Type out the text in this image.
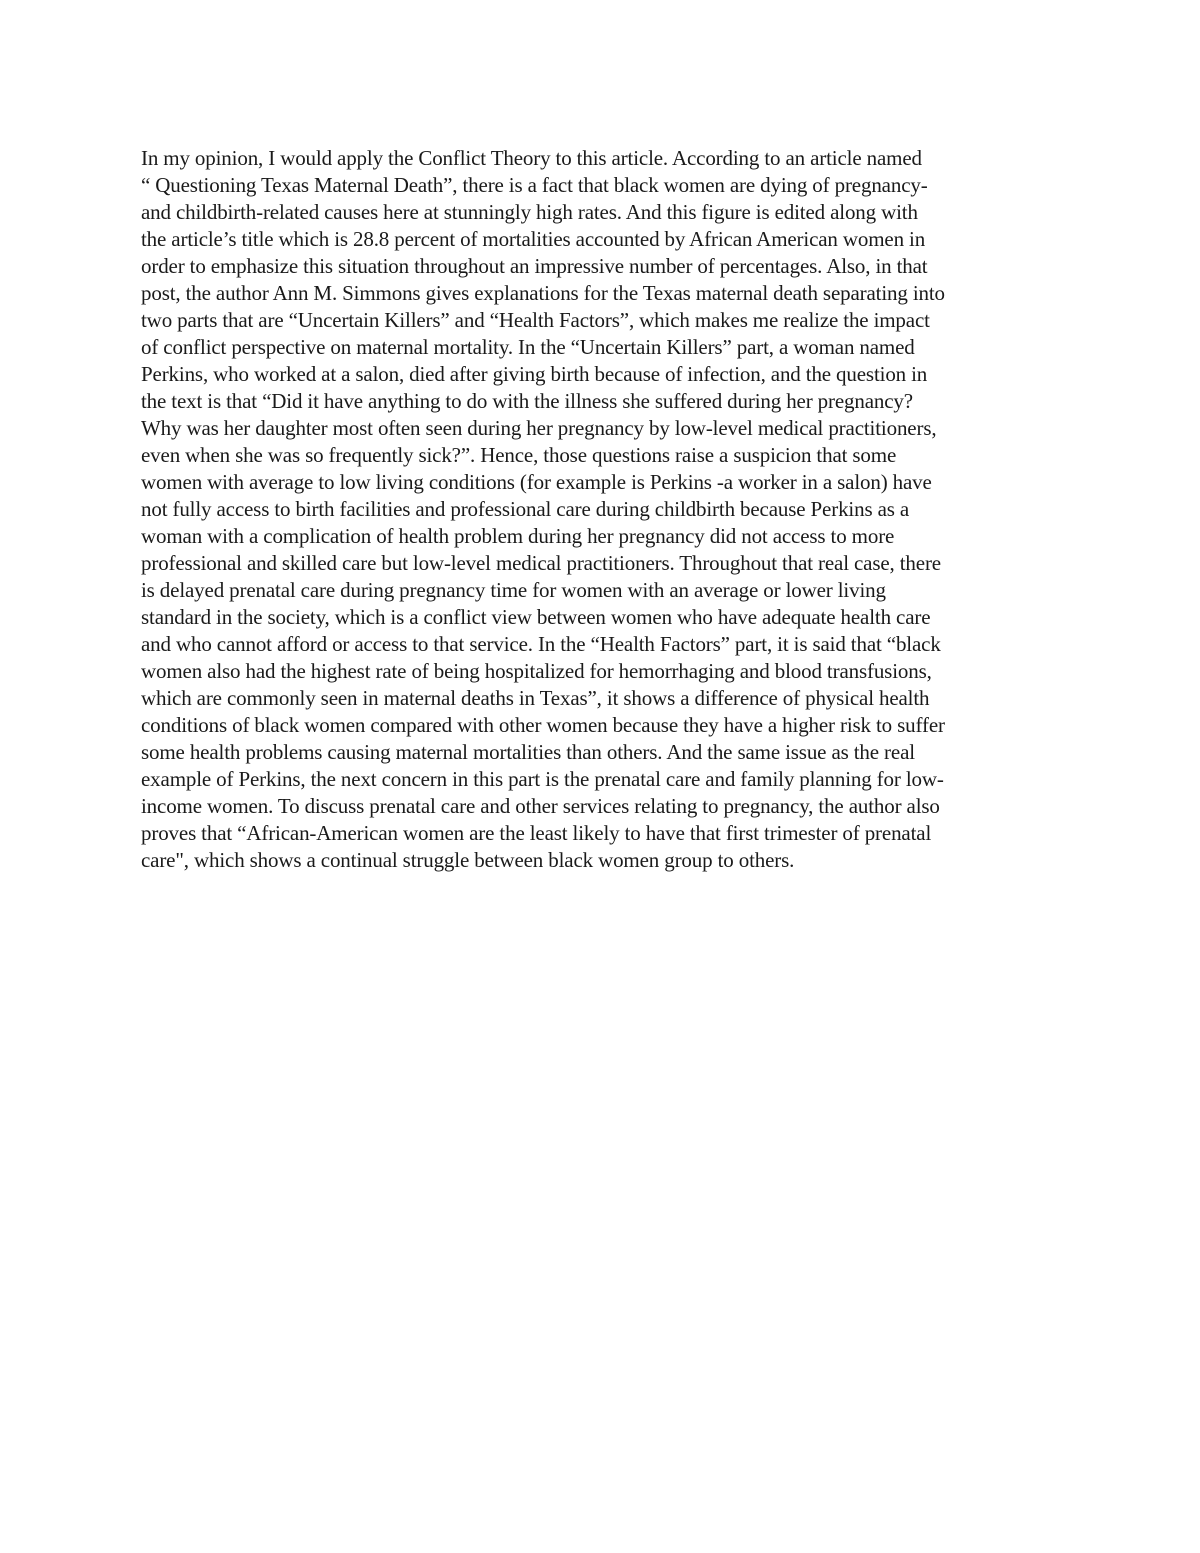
In my opinion, I would apply the Conflict Theory to this article. According to an article named
“ Questioning Texas Maternal Death”, there is a fact that black women are dying of pregnancy-
and childbirth-related causes here at stunningly high rates. And this figure is edited along with
the article’s title which is 28.8 percent of mortalities accounted by African American women in
order to emphasize this situation throughout an impressive number of percentages. Also, in that
post, the author Ann M. Simmons gives explanations for the Texas maternal death separating into
two parts that are “Uncertain Killers” and “Health Factors”, which makes me realize the impact
of conflict perspective on maternal mortality. In the “Uncertain Killers” part, a woman named
Perkins, who worked at a salon, died after giving birth because of infection, and the question in
the text is that “Did it have anything to do with the illness she suffered during her pregnancy?
Why was her daughter most often seen during her pregnancy by low-level medical practitioners,
even when she was so frequently sick?”. Hence, those questions raise a suspicion that some
women with average to low living conditions (for example is Perkins -a worker in a salon) have
not fully access to birth facilities and professional care during childbirth because Perkins as a
woman with a complication of health problem during her pregnancy did not access to more
professional and skilled care but low-level medical practitioners. Throughout that real case, there
is delayed prenatal care during pregnancy time for women with an average or lower living
standard in the society, which is a conflict view between women who have adequate health care
and who cannot afford or access to that service. In the “Health Factors” part, it is said that “black
women also had the highest rate of being hospitalized for hemorrhaging and blood transfusions,
which are commonly seen in maternal deaths in Texas”, it shows a difference of physical health
conditions of black women compared with other women because they have a higher risk to suffer
some health problems causing maternal mortalities than others. And the same issue as the real
example of Perkins, the next concern in this part is the prenatal care and family planning for low-
income women. To discuss prenatal care and other services relating to pregnancy, the author also
proves that “African-American women are the least likely to have that first trimester of prenatal
care", which shows a continual struggle between black women group to others.
